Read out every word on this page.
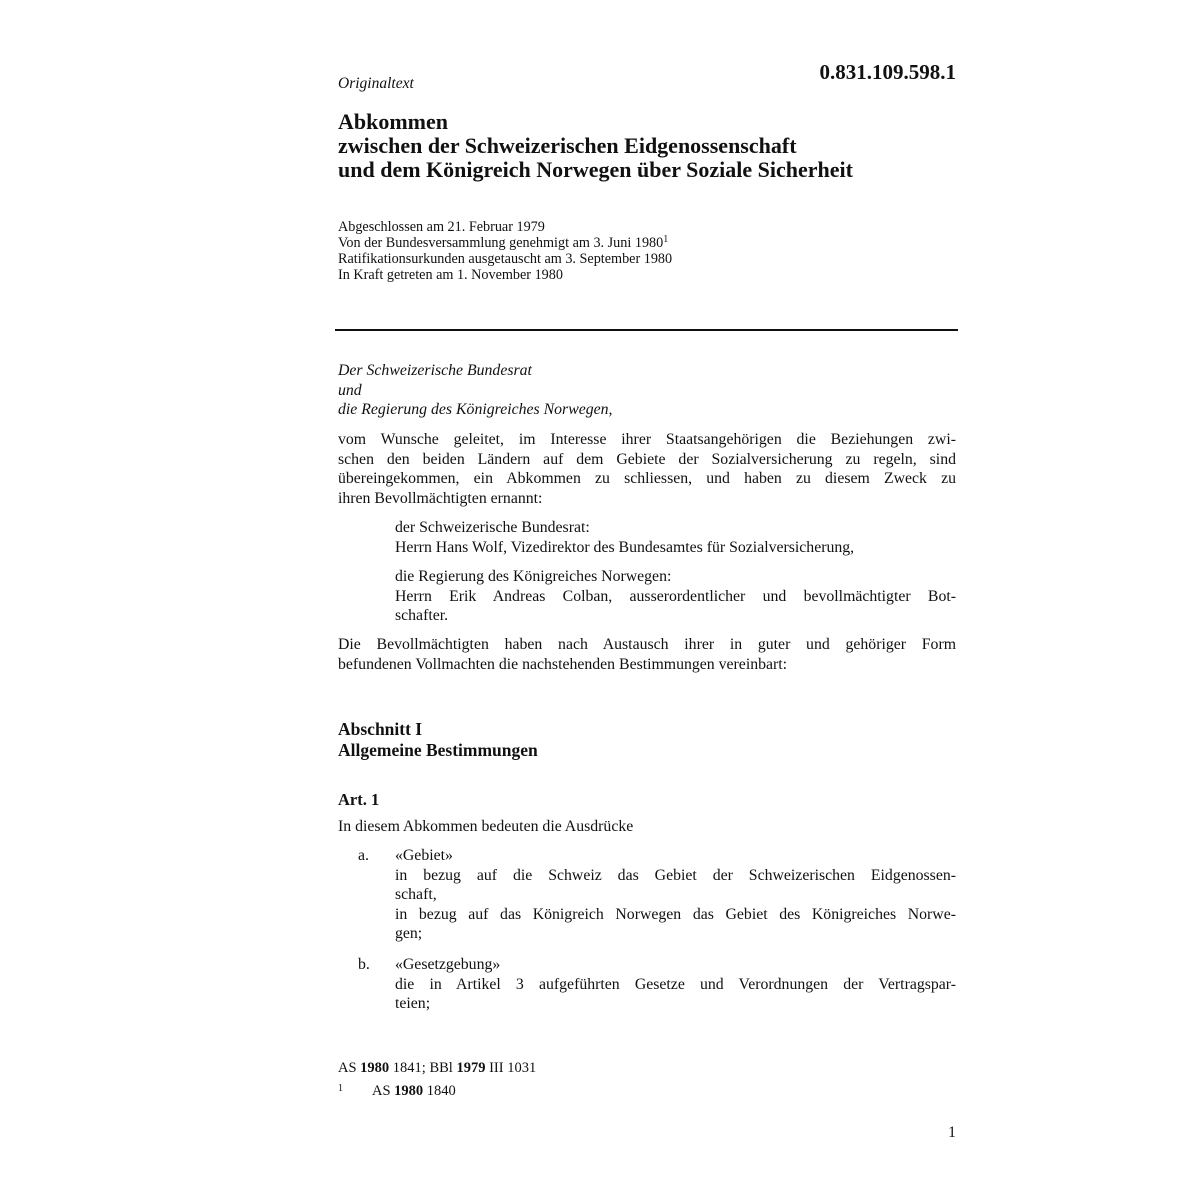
0.831.109.598.1
Originaltext
Abkommen
zwischen der Schweizerischen Eidgenossenschaft
und dem Königreich Norwegen über Soziale Sicherheit
Abgeschlossen am 21. Februar 1979
Von der Bundesversammlung genehmigt am 3. Juni 1980$^1$
Ratifikationsurkunden ausgetauscht am 3. September 1980
In Kraft getreten am 1. November 1980
Der Schweizerische Bundesrat
und
die Regierung des Königreiches Norwegen,
vom Wunsche geleitet, im Interesse ihrer Staatsangehörigen die Beziehungen zwi-
schen den beiden Ländern auf dem Gebiete der Sozialversicherung zu regeln, sind
übereingekommen, ein Abkommen zu schliessen, und haben zu diesem Zweck zu
ihren Bevollmächtigten ernannt:
der Schweizerische Bundesrat:
Herrn Hans Wolf, Vizedirektor des Bundesamtes für Sozialversicherung,
die Regierung des Königreiches Norwegen:
Herrn Erik Andreas Colban, ausserordentlicher und bevollmächtigter Bot-
schafter.
Die Bevollmächtigten haben nach Austausch ihrer in guter und gehöriger Form
befundenen Vollmachten die nachstehenden Bestimmungen vereinbart:
Abschnitt I
Allgemeine Bestimmungen
Art. 1
In diesem Abkommen bedeuten die Ausdrücke
a. «Gebiet»
in bezug auf die Schweiz das Gebiet der Schweizerischen Eidgenossen-
schaft,
in bezug auf das Königreich Norwegen das Gebiet des Königreiches Norwe-
gen;
b. «Gesetzgebung»
die in Artikel 3 aufgeführten Gesetze und Verordnungen der Vertragspar-
teien;
AS 1980 1841; BBl 1979 III 1031
1 AS 1980 1840
1
